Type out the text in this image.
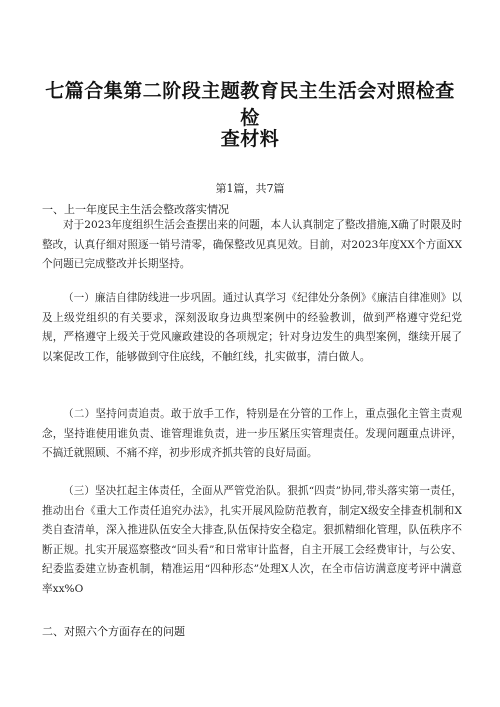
七篇合集第二阶段主题教育民主生活会对照检查检
查材料
第1篇，共7篇
一、上一年度民主生活会整改落实情况

对于2023年度组织生活会查摆出来的问题，本人认真制定了整改措施,X确了时限及时整改，认真仔细对照逐一销号清零，确保整改见真见效。目前，对2023年度XX个方面XX个问题已完成整改并长期坚持。

（一）廉洁自律防线进一步巩固。通过认真学习《纪律处分条例》《廉洁自律准则》以及上级党组织的有关要求，深刻汲取身边典型案例中的经验教训，做到严格遵守党纪党规，严格遵守上级关于党风廉政建设的各项规定；针对身边发生的典型案例，继续开展了以案促改工作，能够做到守住底线，不触红线，扎实做事，清白做人。

（二）坚持问责追责。敢于放手工作，特别是在分管的工作上，重点强化主管主责观念，坚持谁使用谁负责、谁管理谁负责，进一步压紧压实管理责任。发现问题重点讲评，不搞迁就照顾、不痛不痒，初步形成齐抓共管的良好局面。

（三）坚决扛起主体责任，全面从严管党治队。狠抓“四责”协同,带头落实第一责任，推动出台《重大工作责任追究办法》，扎实开展风险防范教育，制定X级安全排查机制和X类自查清单，深入推进队伍安全大排查,队伍保持安全稳定。狠抓精细化管理，队伍秩序不断正规。扎实开展巡察整改“回头看”和日常审计监督，自主开展工会经费审计，与公安、纪委监委建立协查机制，精准运用“四种形态”处理X人次，在全市信访满意度考评中满意率xx%O

二、对照六个方面存在的问题
